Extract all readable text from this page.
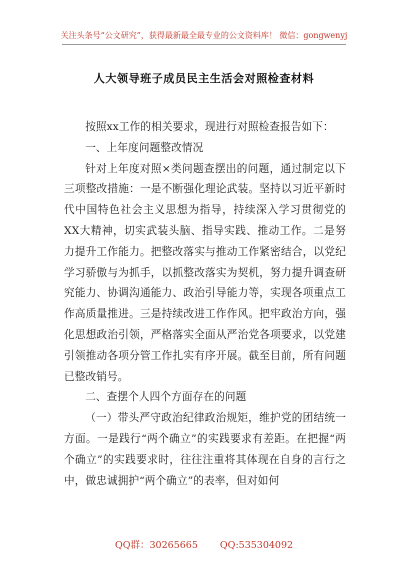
关注头条号“公文研究”，获得最新最全最专业的公文资料库！ 微信：gongwenyj
人大领导班子成员民主生活会对照检查材料

按照xx工作的相关要求，现进行对照检查报告如下：

一、上年度问题整改情况

针对上年度对照×类问题查摆出的问题，通过制定以下三项整改措施：一是不断强化理论武装。坚持以习近平新时代中国特色社会主义思想为指导，持续深入学习贯彻党的XX大精神，切实武装头脑、指导实践、推动工作。二是努力提升工作能力。把整改落实与推动工作紧密结合，以党纪学习骄傲与为抓手，以抓整改落实为契机，努力提升调查研究能力、协调沟通能力、政治引导能力等，实现各项重点工作高质量推进。三是持续改进工作作风。把牢政治方向，强化思想政治引领，严格落实全面从严治党各项要求，以党建引领推动各项分管工作扎实有序开展。截至目前，所有问题已整改销号。

二、查摆个人四个方面存在的问题

（一）带头严守政治纪律政治规矩，维护党的团结统一方面。一是践行“两个确立”的实践要求有差距。在把握“两个确立”的实践要求时，往往注重将其体现在自身的言行之中，做忠诚拥护“两个确立”的表率，但对如何

QQ群：30265665 QQ:535304092
